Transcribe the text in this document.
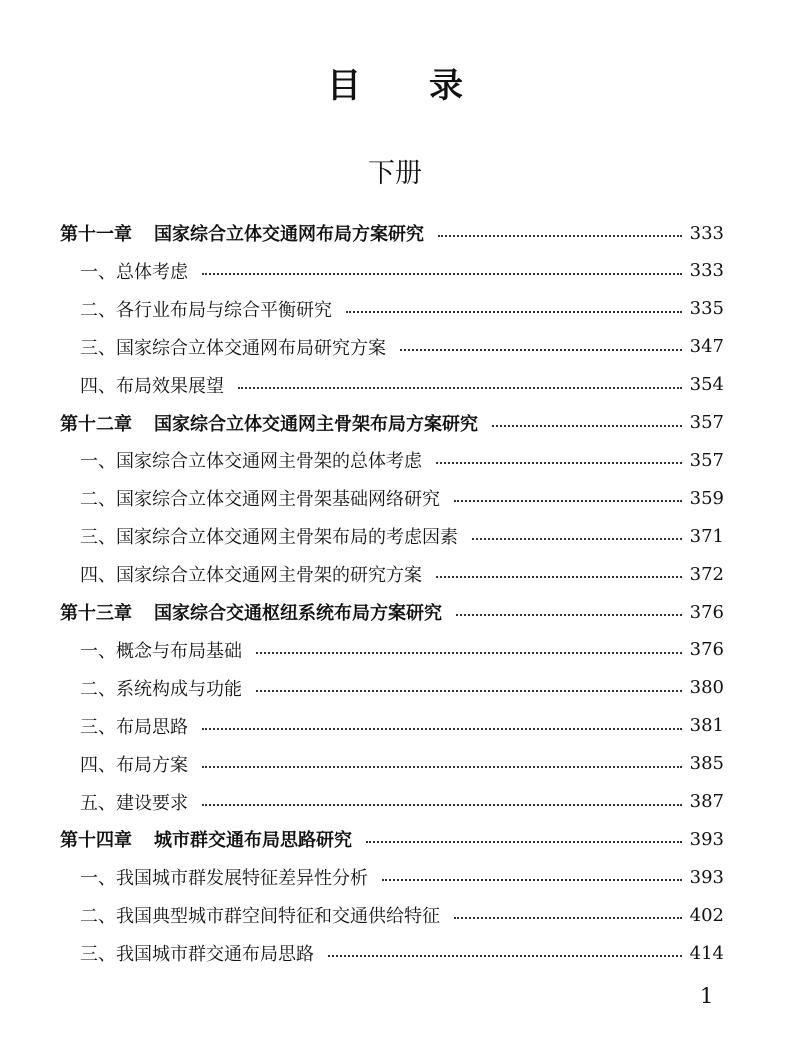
目 录
下册
第十一章 国家综合立体交通网布局方案研究	333
一、总体考虑	333
二、各行业布局与综合平衡研究	335
三、国家综合立体交通网布局研究方案	347
四、布局效果展望	354
第十二章 国家综合立体交通网主骨架布局方案研究	357
一、国家综合立体交通网主骨架的总体考虑	357
二、国家综合立体交通网主骨架基础网络研究	359
三、国家综合立体交通网主骨架布局的考虑因素	371
四、国家综合立体交通网主骨架的研究方案	372
第十三章 国家综合交通枢纽系统布局方案研究	376
一、概念与布局基础	376
二、系统构成与功能	380
三、布局思路	381
四、布局方案	385
五、建设要求	387
第十四章 城市群交通布局思路研究	393
一、我国城市群发展特征差异性分析	393
二、我国典型城市群空间特征和交通供给特征	402
三、我国城市群交通布局思路	414
1
